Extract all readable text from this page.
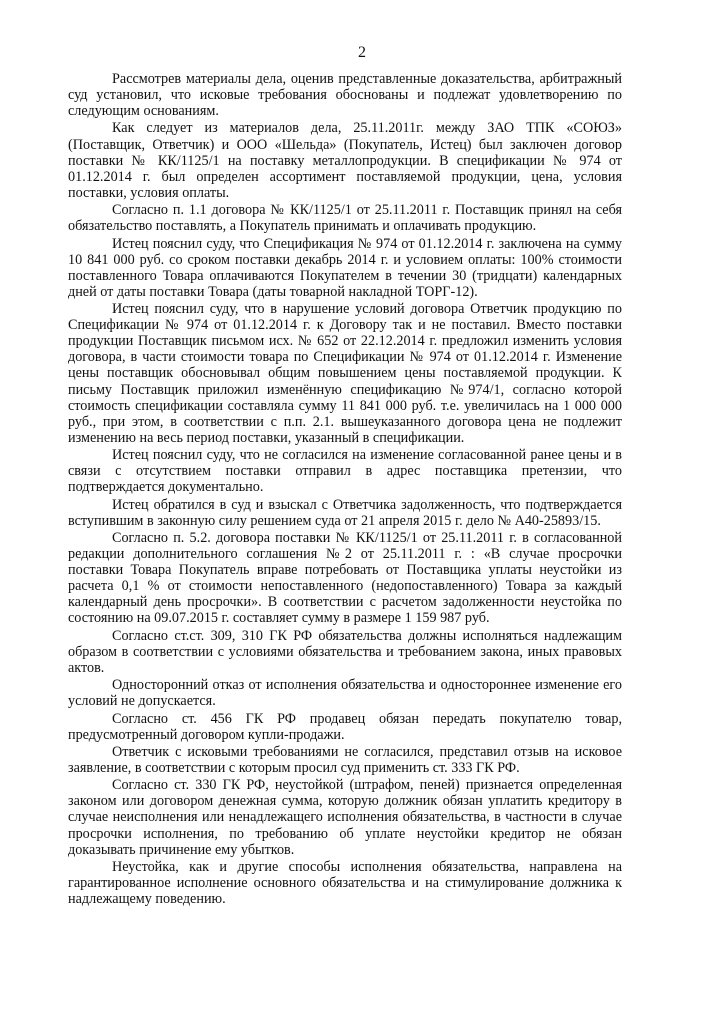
2

Рассмотрев материалы дела, оценив представленные доказательства, арбитражный суд установил, что исковые требования обоснованы и подлежат удовлетворению по следующим основаниям.

Как следует из материалов дела, 25.11.2011г. между ЗАО ТПК «СОЮЗ» (Поставщик, Ответчик) и ООО «Шельда» (Покупатель, Истец) был заключен договор поставки № КК/1125/1 на поставку металлопродукции. В спецификации № 974 от 01.12.2014 г. был определен ассортимент поставляемой продукции, цена, условия поставки, условия оплаты.

Согласно п. 1.1 договора № КК/1125/1 от 25.11.2011 г. Поставщик принял на себя обязательство поставлять, а Покупатель принимать и оплачивать продукцию.

Истец пояснил суду, что Спецификация № 974 от 01.12.2014 г. заключена на сумму 10 841 000 руб. со сроком поставки декабрь 2014 г. и условием оплаты: 100% стоимости поставленного Товара оплачиваются Покупателем в течении 30 (тридцати) календарных дней от даты поставки Товара (даты товарной накладной ТОРГ-12).

Истец пояснил суду, что в нарушение условий договора Ответчик продукцию по Спецификации № 974 от 01.12.2014 г. к Договору так и не поставил. Вместо поставки продукции Поставщик письмом исх. № 652 от 22.12.2014 г. предложил изменить условия договора, в части стоимости товара по Спецификации № 974 от 01.12.2014 г. Изменение цены поставщик обосновывал общим повышением цены поставляемой продукции. К письму Поставщик приложил изменённую спецификацию №974/1, согласно которой стоимость спецификации составляла сумму 11 841 000 руб. т.е. увеличилась на 1 000 000 руб., при этом, в соответствии с п.п. 2.1. вышеуказанного договора цена не подлежит изменению на весь период поставки, указанный в спецификации.

Истец пояснил суду, что не согласился на изменение согласованной ранее цены и в связи с отсутствием поставки отправил в адрес поставщика претензии, что подтверждается документально.

Истец обратился в суд и взыскал с Ответчика задолженность, что подтверждается вступившим в законную силу решением суда от 21 апреля 2015 г. дело № А40-25893/15.

Согласно п. 5.2. договора поставки № КК/1125/1 от 25.11.2011 г. в согласованной редакции дополнительного соглашения №2 от 25.11.2011 г. : «В случае просрочки поставки Товара Покупатель вправе потребовать от Поставщика уплаты неустойки из расчета 0,1 % от стоимости непоставленного (недопоставленного) Товара за каждый календарный день просрочки». В соответствии с расчетом задолженности неустойка по состоянию на 09.07.2015 г. составляет сумму в размере 1 159 987 руб.

Согласно ст.ст. 309, 310 ГК РФ обязательства должны исполняться надлежащим образом в соответствии с условиями обязательства и требованием закона, иных правовых актов.

Односторонний отказ от исполнения обязательства и одностороннее изменение его условий не допускается.

Согласно ст. 456 ГК РФ продавец обязан передать покупателю товар, предусмотренный договором купли-продажи.

Ответчик с исковыми требованиями не согласился, представил отзыв на исковое заявление, в соответствии с которым просил суд применить ст. 333 ГК РФ.

Согласно ст. 330 ГК РФ, неустойкой (штрафом, пеней) признается определенная законом или договором денежная сумма, которую должник обязан уплатить кредитору в случае неисполнения или ненадлежащего исполнения обязательства, в частности в случае просрочки исполнения, по требованию об уплате неустойки кредитор не обязан доказывать причинение ему убытков.

Неустойка, как и другие способы исполнения обязательства, направлена на гарантированное исполнение основного обязательства и на стимулирование должника к надлежащему поведению.
